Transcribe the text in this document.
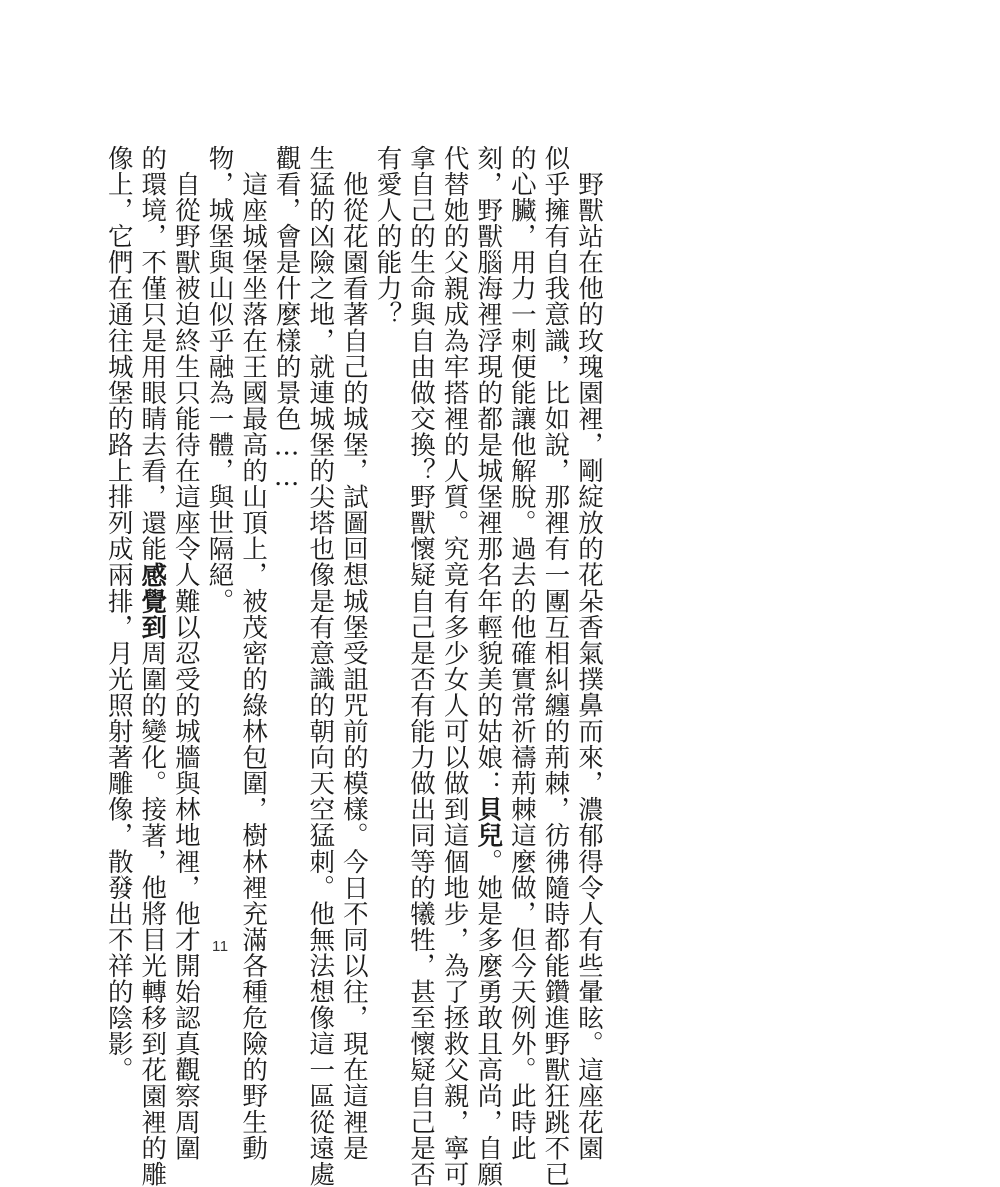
　野獸站在他的玫瑰園裡，剛綻放的花朵香氣撲鼻而來，濃郁得令人有些暈眩。這座花園
似乎擁有自我意識，比如說，那裡有一團互相糾纏的荊棘，彷彿隨時都能鑽進野獸狂跳不已
的心臟，用力一刺便能讓他解脫。過去的他確實常祈禱荊棘這麼做，但今天例外。此時此
刻，野獸腦海裡浮現的都是城堡裡那名年輕貌美的姑娘：貝兒。她是多麼勇敢且高尚，自願
代替她的父親成為牢搭裡的人質。究竟有多少女人可以做到這個地步，為了拯救父親，寧可
拿自己的生命與自由做交換？野獸懷疑自己是否有能力做出同等的犧牲，甚至懷疑自己是否
有愛人的能力？
　他從花園看著自己的城堡，試圖回想城堡受詛咒前的模樣。今日不同以往，現在這裡是
生猛的凶險之地，就連城堡的尖塔也像是有意識的朝向天空猛刺。他無法想像這一區從遠處
觀看，會是什麼樣的景色……
　這座城堡坐落在王國最高的山頂上，被茂密的綠林包圍，樹林裡充滿各種危險的野生動
物，城堡與山似乎融為一體，與世隔絕。
　自從野獸被迫終生只能待在這座令人難以忍受的城牆與林地裡，他才開始認真觀察周圍
的環境，不僅只是用眼睛去看，還能感覺到周圍的變化。接著，他將目光轉移到花園裡的雕
像上，它們在通往城堡的路上排列成兩排，月光照射著雕像，散發出不祥的陰影。	11
